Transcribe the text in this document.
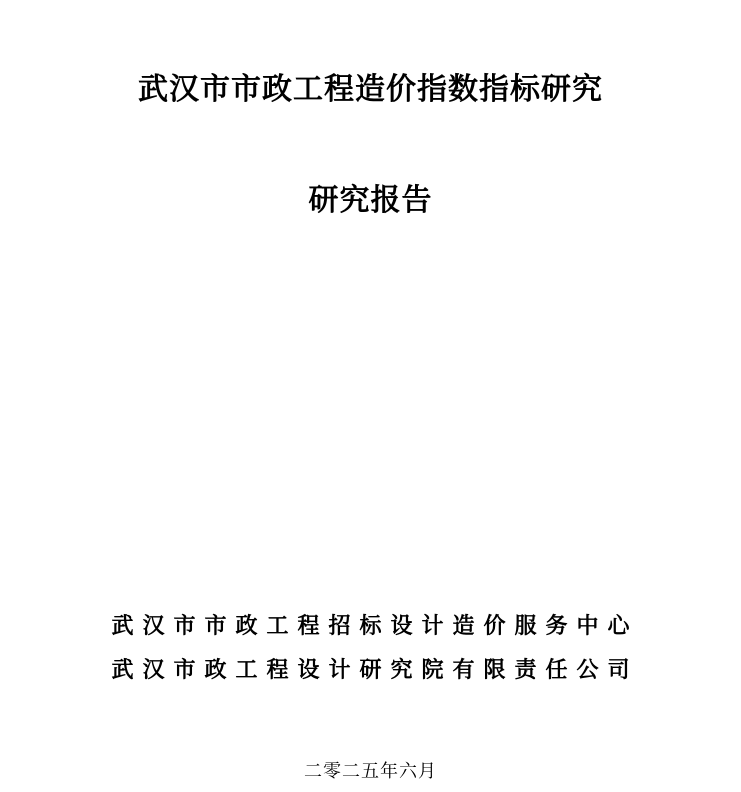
武汉市市政工程造价指数指标研究
研究报告

武汉市市政工程招标设计造价服务中心

武汉市政工程设计研究院有限责任公司

二零二五年六月
